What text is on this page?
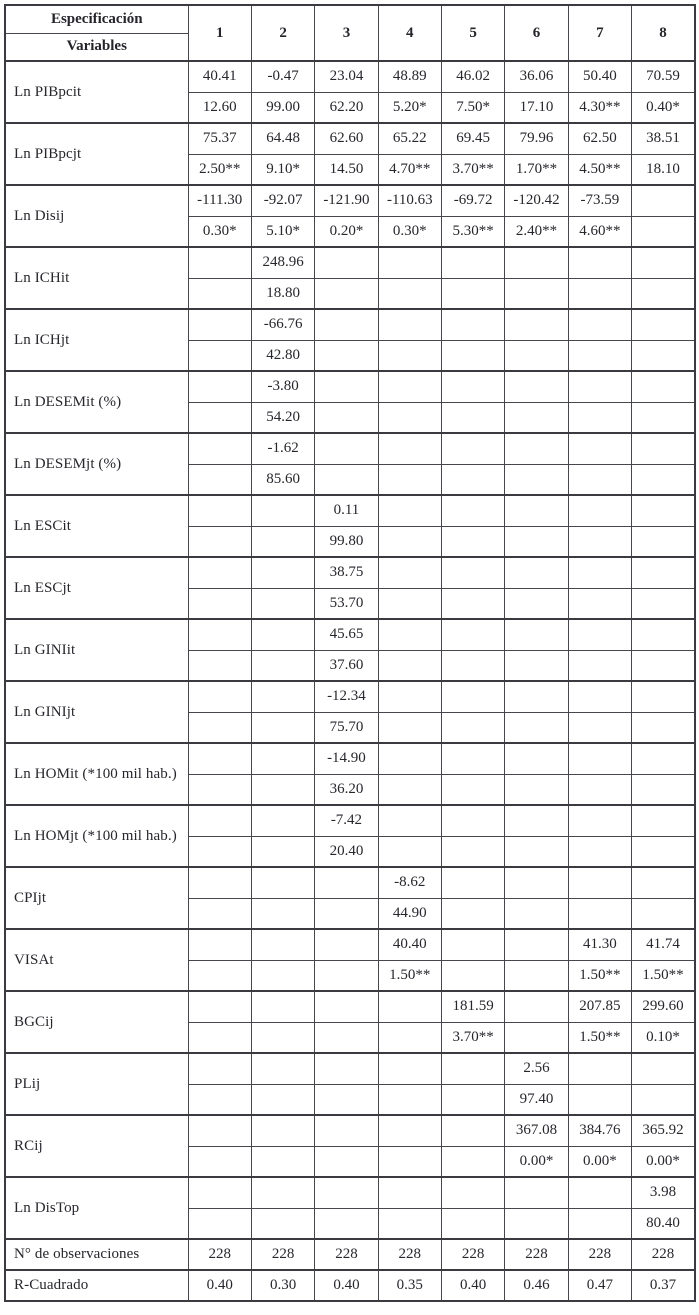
Especificación	1	2	3	4	5	6	7	8
Variables								
Ln PIBpcit	40.41	-0.47	23.04	48.89	46.02	36.06	50.40	70.59
	12.60	99.00	62.20	5.20*	7.50*	17.10	4.30**	0.40*
Ln PIBpcjt	75.37	64.48	62.60	65.22	69.45	79.96	62.50	38.51
	2.50**	9.10*	14.50	4.70**	3.70**	1.70**	4.50**	18.10
Ln Disij	-111.30	-92.07	-121.90	-110.63	-69.72	-120.42	-73.59	
	0.30*	5.10*	0.20*	0.30*	5.30**	2.40**	4.60**	
Ln ICHit		248.96						
		18.80						
Ln ICHjt		-66.76						
		42.80						
Ln DESEMit (%)		-3.80						
		54.20						
Ln DESEMjt (%)		-1.62						
		85.60						
Ln ESCit			0.11					
			99.80					
Ln ESCjt			38.75					
			53.70					
Ln GINIit			45.65					
			37.60					
Ln GINIjt			-12.34					
			75.70					
Ln HOMit (*100 mil hab.)			-14.90					
			36.20					
Ln HOMjt (*100 mil hab.)			-7.42					
			20.40					
CPIjt				-8.62				
				44.90				
VISAt				40.40			41.30	41.74
				1.50**			1.50**	1.50**
BGCij					181.59		207.85	299.60
					3.70**		1.50**	0.10*
PLij						2.56		
						97.40		
RCij						367.08	384.76	365.92
						0.00*	0.00*	0.00*
Ln DisTop								3.98
								80.40
N° de observaciones	228	228	228	228	228	228	228	228
R-Cuadrado	0.40	0.30	0.40	0.35	0.40	0.46	0.47	0.37
